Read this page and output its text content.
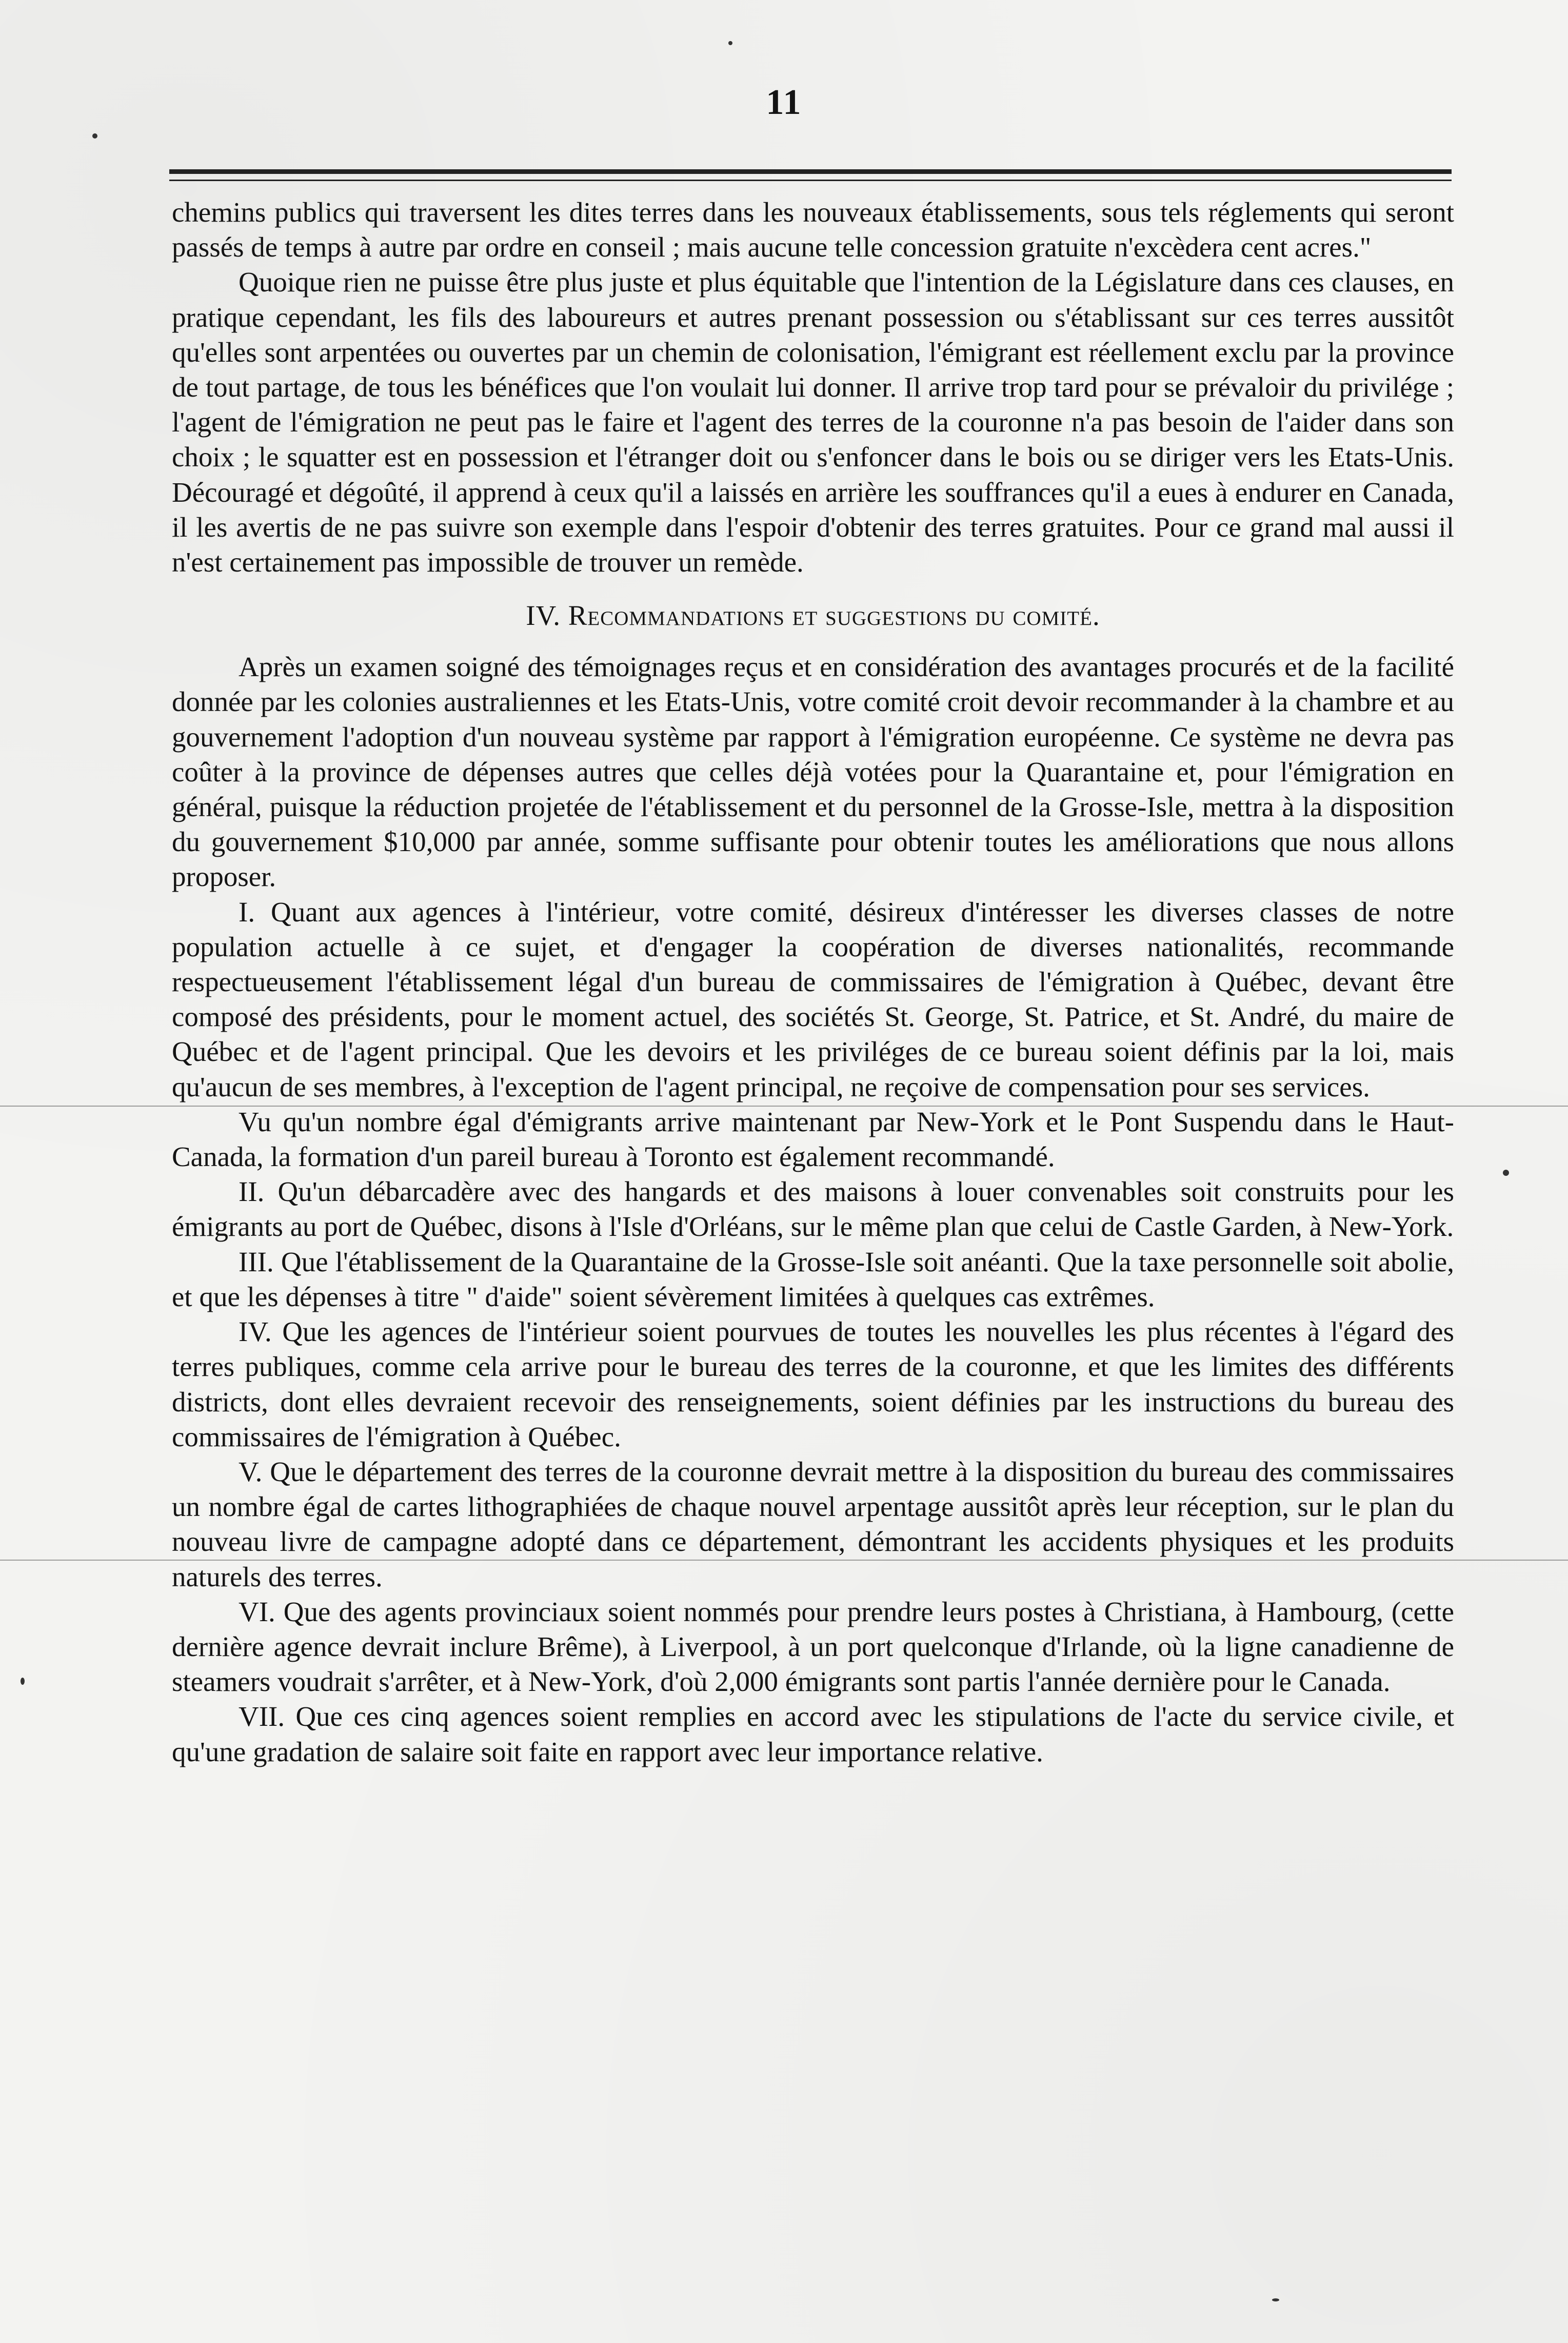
11

chemins publics qui traversent les dites terres dans les nouveaux établissements, sous tels réglements qui seront passés de temps à autre par ordre en conseil ; mais aucune telle concession gratuite n'excèdera cent acres."

Quoique rien ne puisse être plus juste et plus équitable que l'intention de la Législature dans ces clauses, en pratique cependant, les fils des laboureurs et autres prenant possession ou s'établissant sur ces terres aussitôt qu'elles sont arpentées ou ouvertes par un chemin de colonisation, l'émigrant est réellement exclu par la province de tout partage, de tous les bénéfices que l'on voulait lui donner. Il arrive trop tard pour se prévaloir du privilége ; l'agent de l'émigration ne peut pas le faire et l'agent des terres de la couronne n'a pas besoin de l'aider dans son choix ; le squatter est en possession et l'étranger doit ou s'enfoncer dans le bois ou se diriger vers les Etats-Unis. Découragé et dégoûté, il apprend à ceux qu'il a laissés en arrière les souffrances qu'il a eues à endurer en Canada, il les avertis de ne pas suivre son exemple dans l'espoir d'obtenir des terres gratuites. Pour ce grand mal aussi il n'est certainement pas impossible de trouver un remède.

IV. Recommandations et suggestions du comité.

Après un examen soigné des témoignages reçus et en considération des avantages procurés et de la facilité donnée par les colonies australiennes et les Etats-Unis, votre comité croit devoir recommander à la chambre et au gouvernement l'adoption d'un nouveau système par rapport à l'émigration européenne. Ce système ne devra pas coûter à la province de dépenses autres que celles déjà votées pour la Quarantaine et, pour l'émigration en général, puisque la réduction projetée de l'établissement et du personnel de la Grosse-Isle, mettra à la disposition du gouvernement $10,000 par année, somme suffisante pour obtenir toutes les améliorations que nous allons proposer.

I. Quant aux agences à l'intérieur, votre comité, désireux d'intéresser les diverses classes de notre population actuelle à ce sujet, et d'engager la coopération de diverses nationalités, recommande respectueusement l'établissement légal d'un bureau de commissaires de l'émigration à Québec, devant être composé des présidents, pour le moment actuel, des sociétés St. George, St. Patrice, et St. André, du maire de Québec et de l'agent principal. Que les devoirs et les priviléges de ce bureau soient définis par la loi, mais qu'aucun de ses membres, à l'exception de l'agent principal, ne reçoive de compensation pour ses services.

Vu qu'un nombre égal d'émigrants arrive maintenant par New-York et le Pont Suspendu dans le Haut-Canada, la formation d'un pareil bureau à Toronto est également recommandé.

II. Qu'un débarcadère avec des hangards et des maisons à louer convenables soit construits pour les émigrants au port de Québec, disons à l'Isle d'Orléans, sur le même plan que celui de Castle Garden, à New-York.

III. Que l'établissement de la Quarantaine de la Grosse-Isle soit anéanti. Que la taxe personnelle soit abolie, et que les dépenses à titre " d'aide" soient sévèrement limitées à quelques cas extrêmes.

IV. Que les agences de l'intérieur soient pourvues de toutes les nouvelles les plus récentes à l'égard des terres publiques, comme cela arrive pour le bureau des terres de la couronne, et que les limites des différents districts, dont elles devraient recevoir des renseignements, soient définies par les instructions du bureau des commissaires de l'émigration à Québec.

V. Que le département des terres de la couronne devrait mettre à la disposition du bureau des commissaires un nombre égal de cartes lithographiées de chaque nouvel arpentage aussitôt après leur réception, sur le plan du nouveau livre de campagne adopté dans ce département, démontrant les accidents physiques et les produits naturels des terres.

VI. Que des agents provinciaux soient nommés pour prendre leurs postes à Christiana, à Hambourg, (cette dernière agence devrait inclure Brême), à Liverpool, à un port quelconque d'Irlande, où la ligne canadienne de steamers voudrait s'arrêter, et à New-York, d'où 2,000 émigrants sont partis l'année dernière pour le Canada.

VII. Que ces cinq agences soient remplies en accord avec les stipulations de l'acte du service civile, et qu'une gradation de salaire soit faite en rapport avec leur importance relative.
